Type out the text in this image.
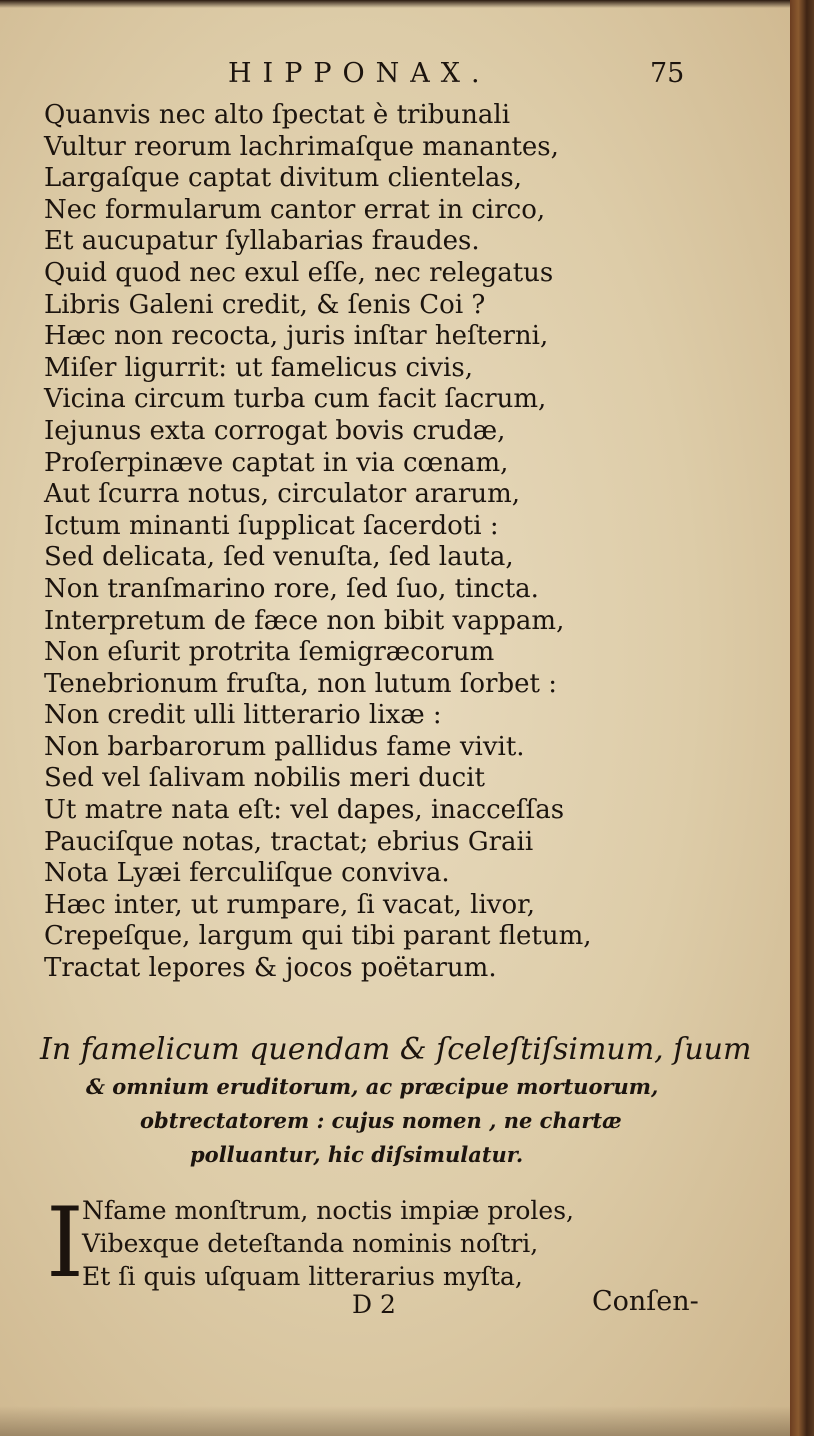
HIPPONAX.	75
Quanvis nec alto ſpectat è tribunali
Vultur reorum lachrimaſque manantes,
Largaſque captat divitum clientelas,
Nec formularum cantor errat in circo,
Et aucupatur ſyllabarias fraudes.
Quid quod nec exul eſſe, nec relegatus
Libris Galeni credit, & ſenis Coi ?
Hæc non recocta, juris inſtar heſterni,
Miſer ligurrit: ut famelicus civis,
Vicina circum turba cum facit ſacrum,
Iejunus exta corrogat bovis crudæ,
Proſerpinæve captat in via cœnam,
Aut ſcurra notus, circulator ararum,
Ictum minanti ſupplicat ſacerdoti :
Sed delicata, ſed venuſta, ſed lauta,
Non tranſmarino rore, ſed ſuo, tincta.
Interpretum de fæce non bibit vappam,
Non eſurit protrita ſemigræcorum
Tenebrionum fruſta, non lutum ſorbet :
Non credit ulli litterario lixæ :
Non barbarorum pallidus fame vivit.
Sed vel ſalivam nobilis meri ducit
Ut matre nata eſt: vel dapes, inacceſſas
Pauciſque notas, tractat; ebrius Graii
Nota Lyæi ferculiſque conviva.
Hæc inter, ut rumpare, ſi vacat, livor,
Crepeſque, largum qui tibi parant fletum,
Tractat lepores & jocos poëtarum.
In famelicum quendam & ſceleſtiſsimum, ſuum
& omnium eruditorum, ac præcipue mortuorum,
obtrectatorem : cujus nomen , ne chartæ
polluantur, hic diſsimulatur.
I
Nfame monſtrum, noctis impiæ proles,
Vibexque deteſtanda nominis noſtri,
Et ſi quis uſquam litterarius myſta,
D 2	Conſen-
